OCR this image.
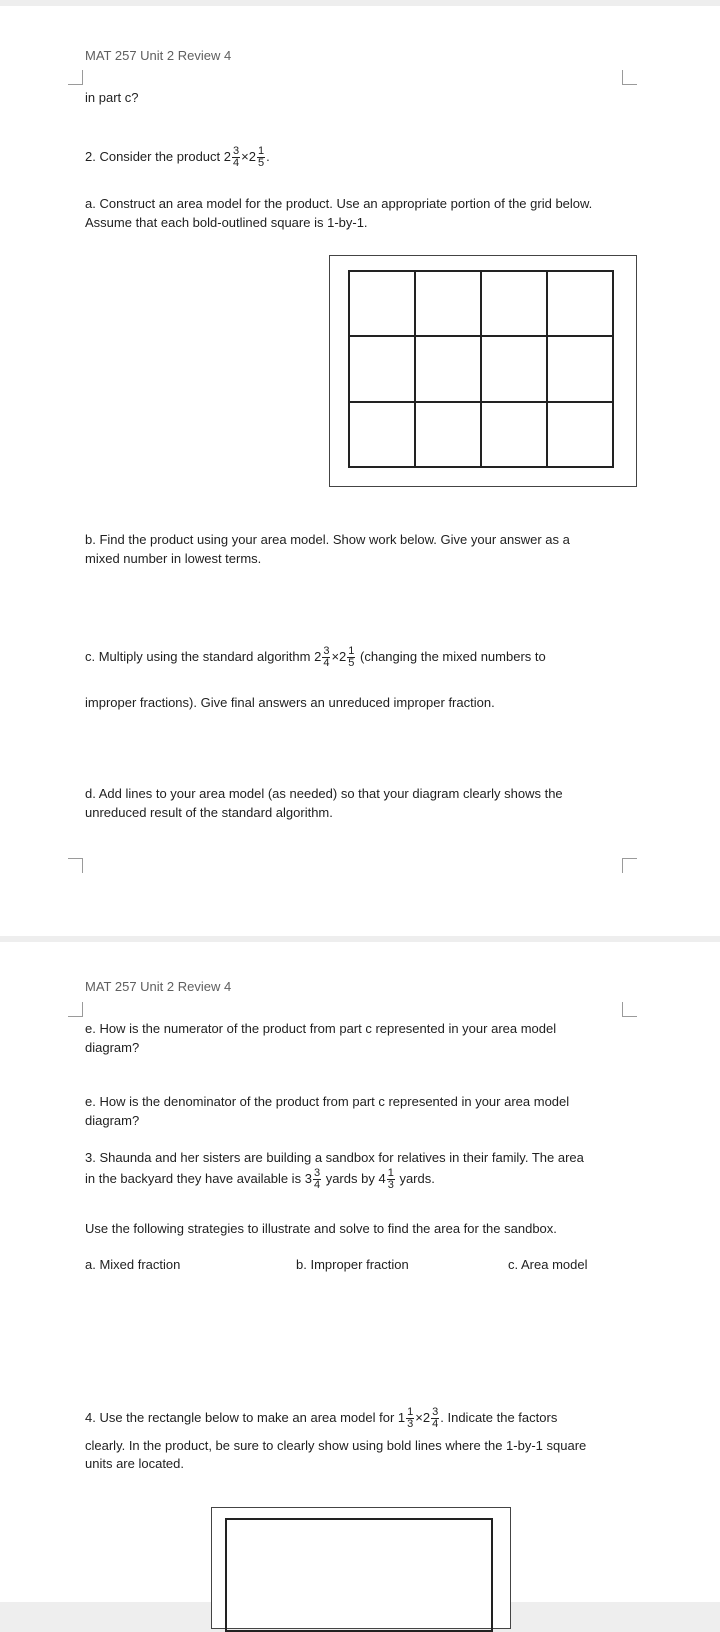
MAT 257 Unit 2 Review 4
in part c?
2. Consider the product $2 \frac{3}{4} \times 2 \frac{1}{5}$ .
a. Construct an area model for the product. Use an appropriate portion of the grid below.
Assume that each bold-outlined square is 1-by-1.

b. Find the product using your area model. Show work below. Give your answer as a
mixed number in lowest terms.
c. Multiply using the standard algorithm $2 \frac{3}{4} \times 2 \frac{1}{5}$ (changing the mixed numbers to
improper fractions). Give final answers an unreduced improper fraction.
d. Add lines to your area model (as needed) so that your diagram clearly shows the
unreduced result of the standard algorithm.
MAT 257 Unit 2 Review 4
e. How is the numerator of the product from part c represented in your area model
diagram?
e. How is the denominator of the product from part c represented in your area model
diagram?
3. Shaunda and her sisters are building a sandbox for relatives in their family. The area
in the backyard they have available is $3 \frac{3}{4}$ yards by $4 \frac{1}{3}$ yards.
Use the following strategies to illustrate and solve to find the area for the sandbox.
a. Mixed fraction	b. Improper fraction	c. Area model
4. Use the rectangle below to make an area model for $1 \frac{1}{3} \times 2 \frac{3}{4}$ . Indicate the factors
clearly. In the product, be sure to clearly show using bold lines where the 1-by-1 square
units are located.
